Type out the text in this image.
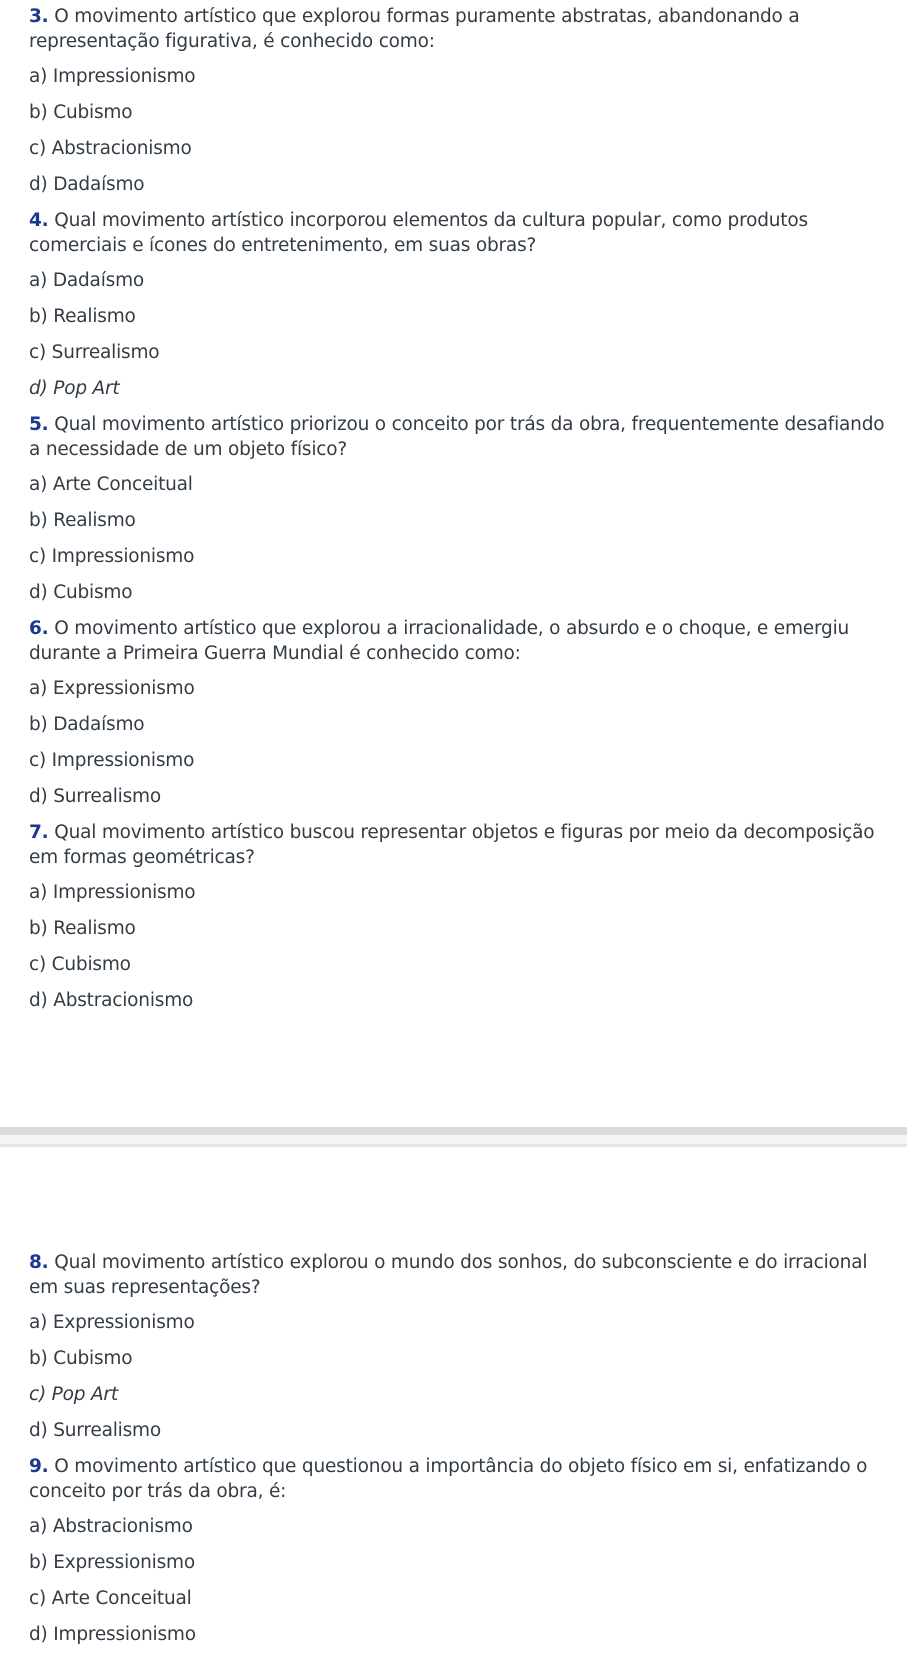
3. O movimento artístico que explorou formas puramente abstratas, abandonando a representação figurativa, é conhecido como:

a) Impressionismo
b) Cubismo
c) Abstracionismo
d) Dadaísmo

4. Qual movimento artístico incorporou elementos da cultura popular, como produtos comerciais e ícones do entretenimento, em suas obras?

a) Dadaísmo
b) Realismo
c) Surrealismo
d) Pop Art

5. Qual movimento artístico priorizou o conceito por trás da obra, frequentemente desafiando a necessidade de um objeto físico?

a) Arte Conceitual
b) Realismo
c) Impressionismo
d) Cubismo

6. O movimento artístico que explorou a irracionalidade, o absurdo e o choque, e emergiu durante a Primeira Guerra Mundial é conhecido como:

a) Expressionismo
b) Dadaísmo
c) Impressionismo
d) Surrealismo

7. Qual movimento artístico buscou representar objetos e figuras por meio da decomposição em formas geométricas?

a) Impressionismo
b) Realismo
c) Cubismo
d) Abstracionismo

8. Qual movimento artístico explorou o mundo dos sonhos, do subconsciente e do irracional em suas representações?

a) Expressionismo
b) Cubismo
c) Pop Art
d) Surrealismo

9. O movimento artístico que questionou a importância do objeto físico em si, enfatizando o conceito por trás da obra, é:

a) Abstracionismo
b) Expressionismo
c) Arte Conceitual
d) Impressionismo
